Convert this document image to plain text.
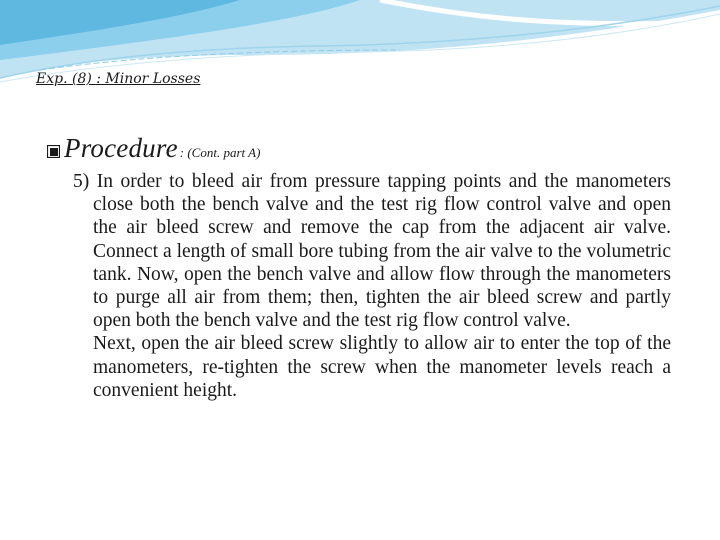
Exp. (8) : Minor Losses
Procedure : (Cont. part A)

5) In order to bleed air from pressure tapping points and the manometers close both the bench valve and the test rig flow control valve and open the air bleed screw and remove the cap from the adjacent air valve. Connect a length of small bore tubing from the air valve to the volumetric tank. Now, open the bench valve and allow flow through the manometers to purge all air from them; then, tighten the air bleed screw and partly open both the bench valve and the test rig flow control valve.

Next, open the air bleed screw slightly to allow air to enter the top of the manometers, re-tighten the screw when the manometer levels reach a convenient height.
